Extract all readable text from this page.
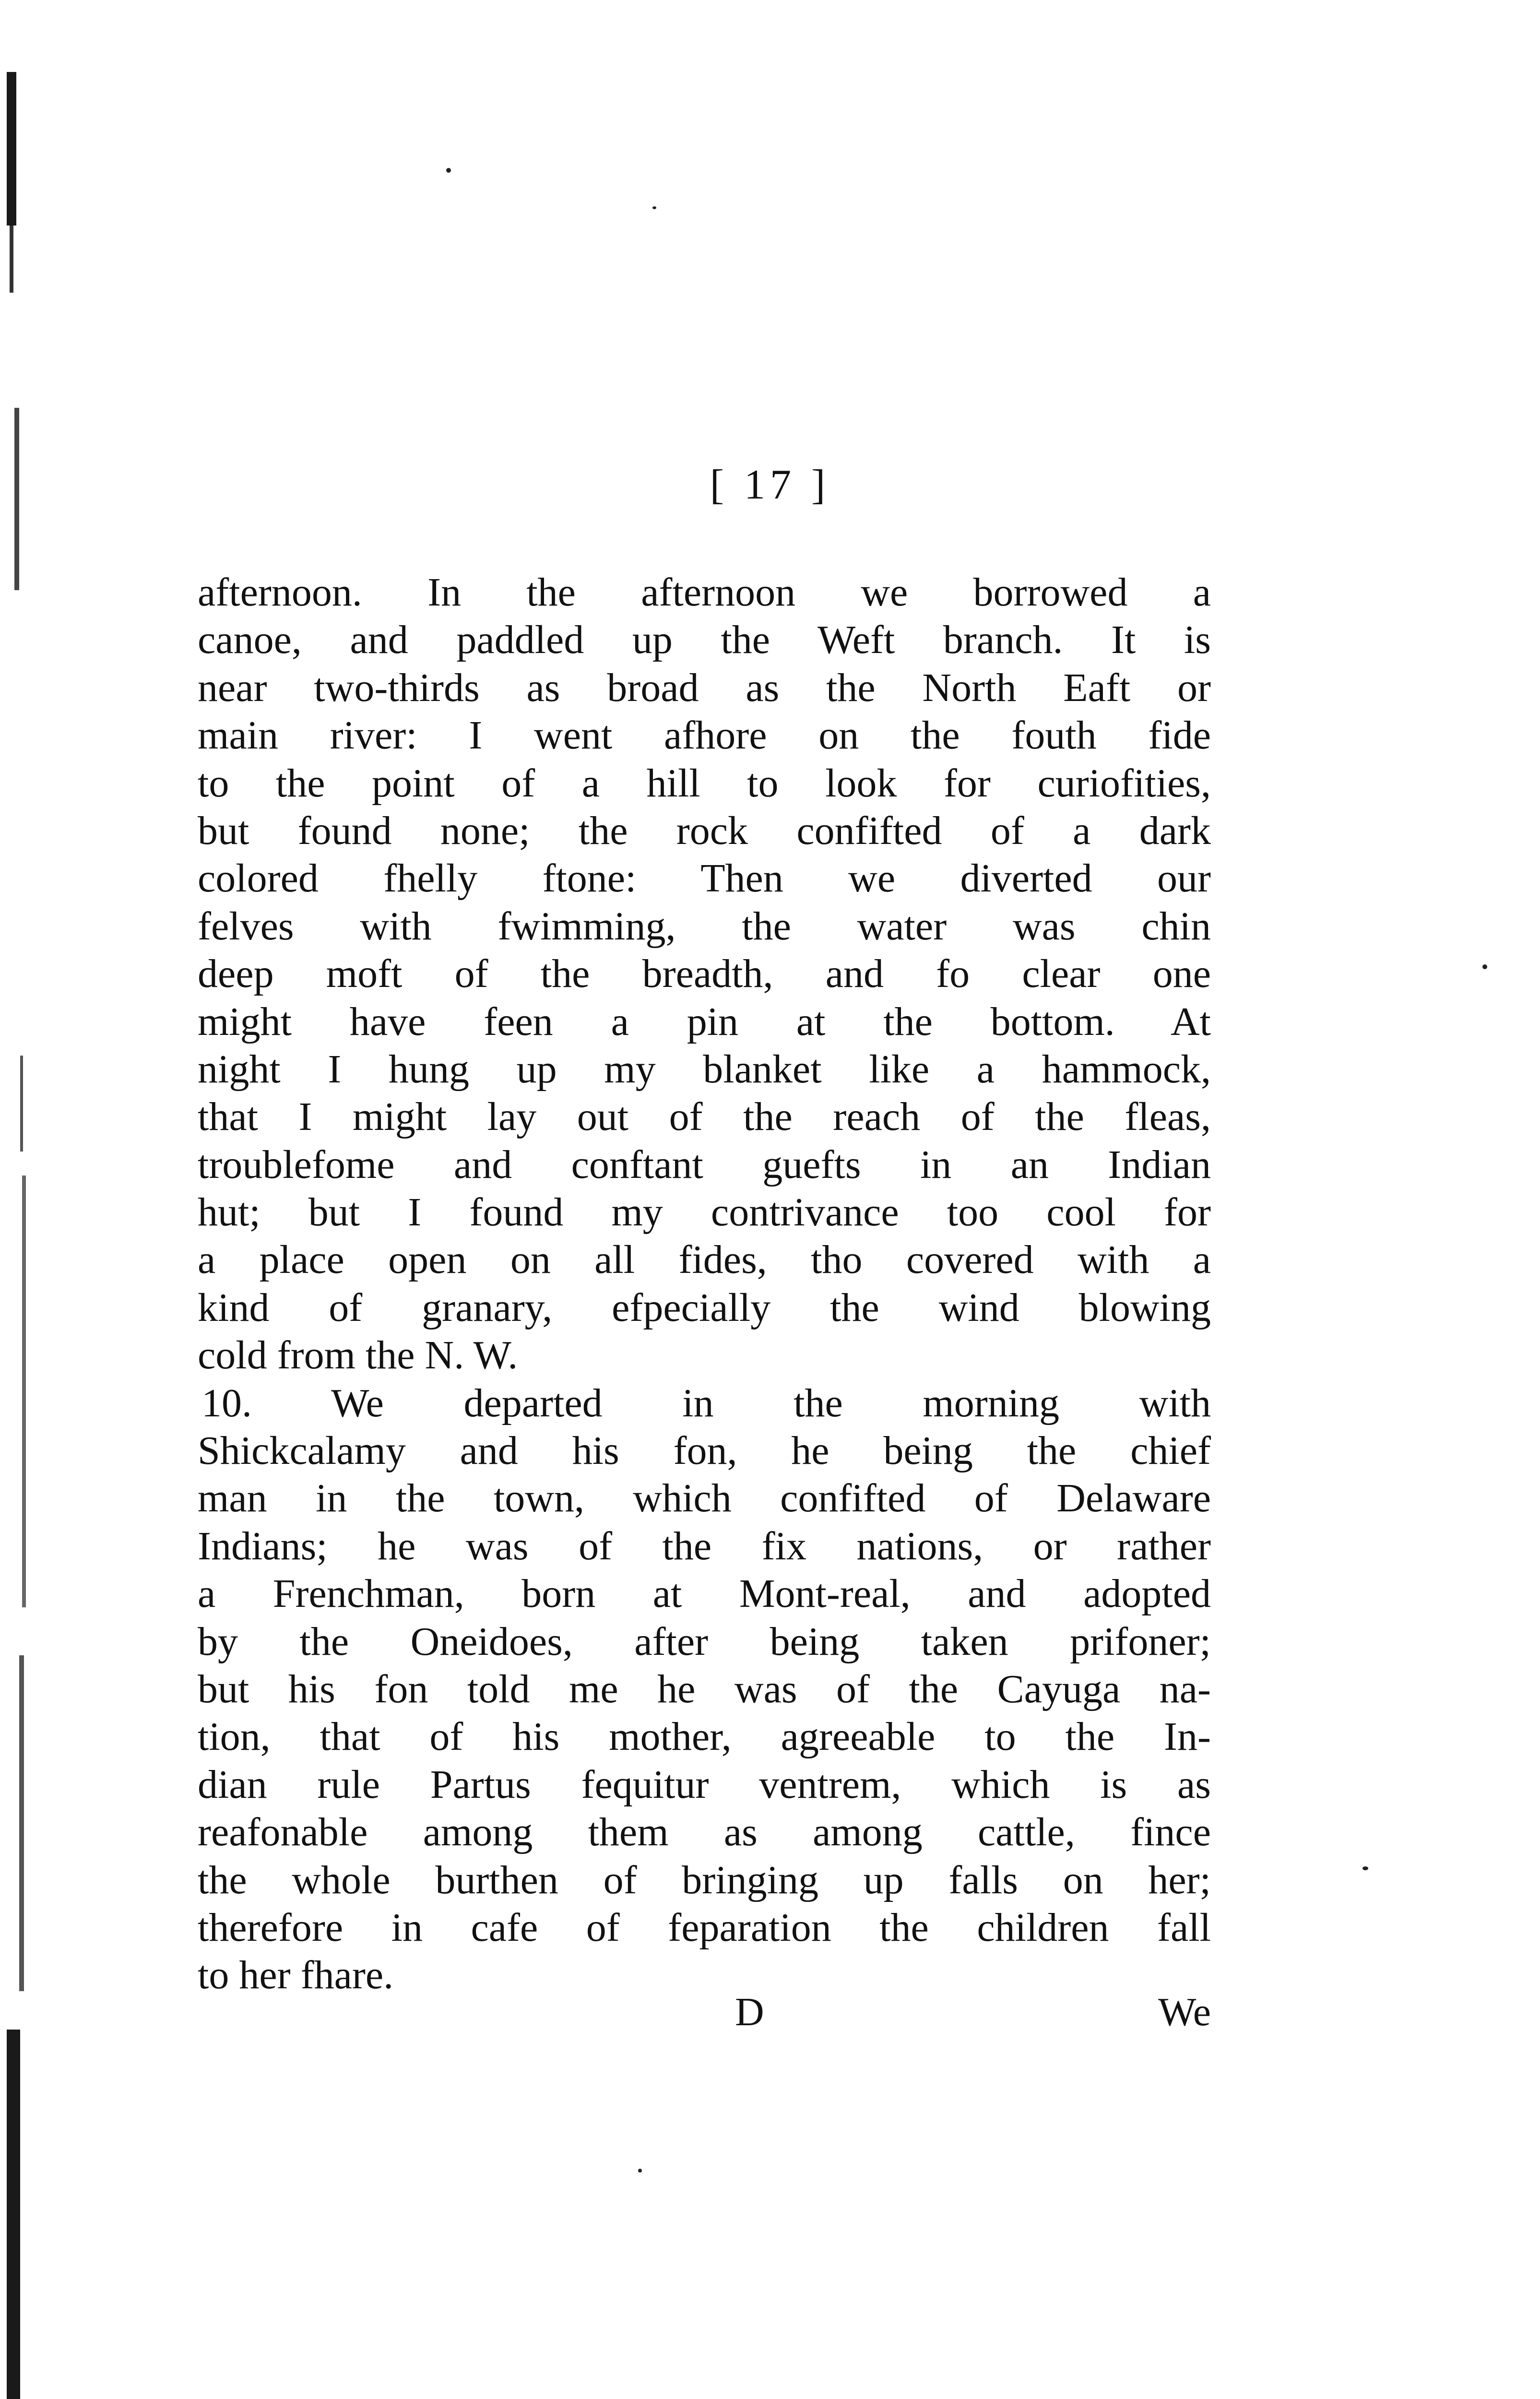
[ 17 ]
afternoon. In the afternoon we borrowed a
canoe, and paddled up the Weft branch. It is
near two-thirds as broad as the North Eaft or
main river: I went afhore on the fouth fide
to the point of a hill to look for curiofities,
but found none; the rock confifted of a dark
colored fhelly ftone: Then we diverted our
felves with fwimming, the water was chin
deep moft of the breadth, and fo clear one
might have feen a pin at the bottom. At
night I hung up my blanket like a hammock,
that I might lay out of the reach of the fleas,
troublefome and conftant guefts in an Indian
hut; but I found my contrivance too cool for
a place open on all fides, tho covered with a
kind of granary, efpecially the wind blowing
cold from the N. W.
10. We departed in the morning with
Shickcalamy and his fon, he being the chief
man in the town, which confifted of Delaware
Indians; he was of the fix nations, or rather
a Frenchman, born at Mont-real, and adopted
by the Oneidoes, after being taken prifoner;
but his fon told me he was of the Cayuga na-
tion, that of his mother, agreeable to the In-
dian rule Partus fequitur ventrem, which is as
reafonable among them as among cattle, fince
the whole burthen of bringing up falls on her;
therefore in cafe of feparation the children fall
to her fhare.
D	We
